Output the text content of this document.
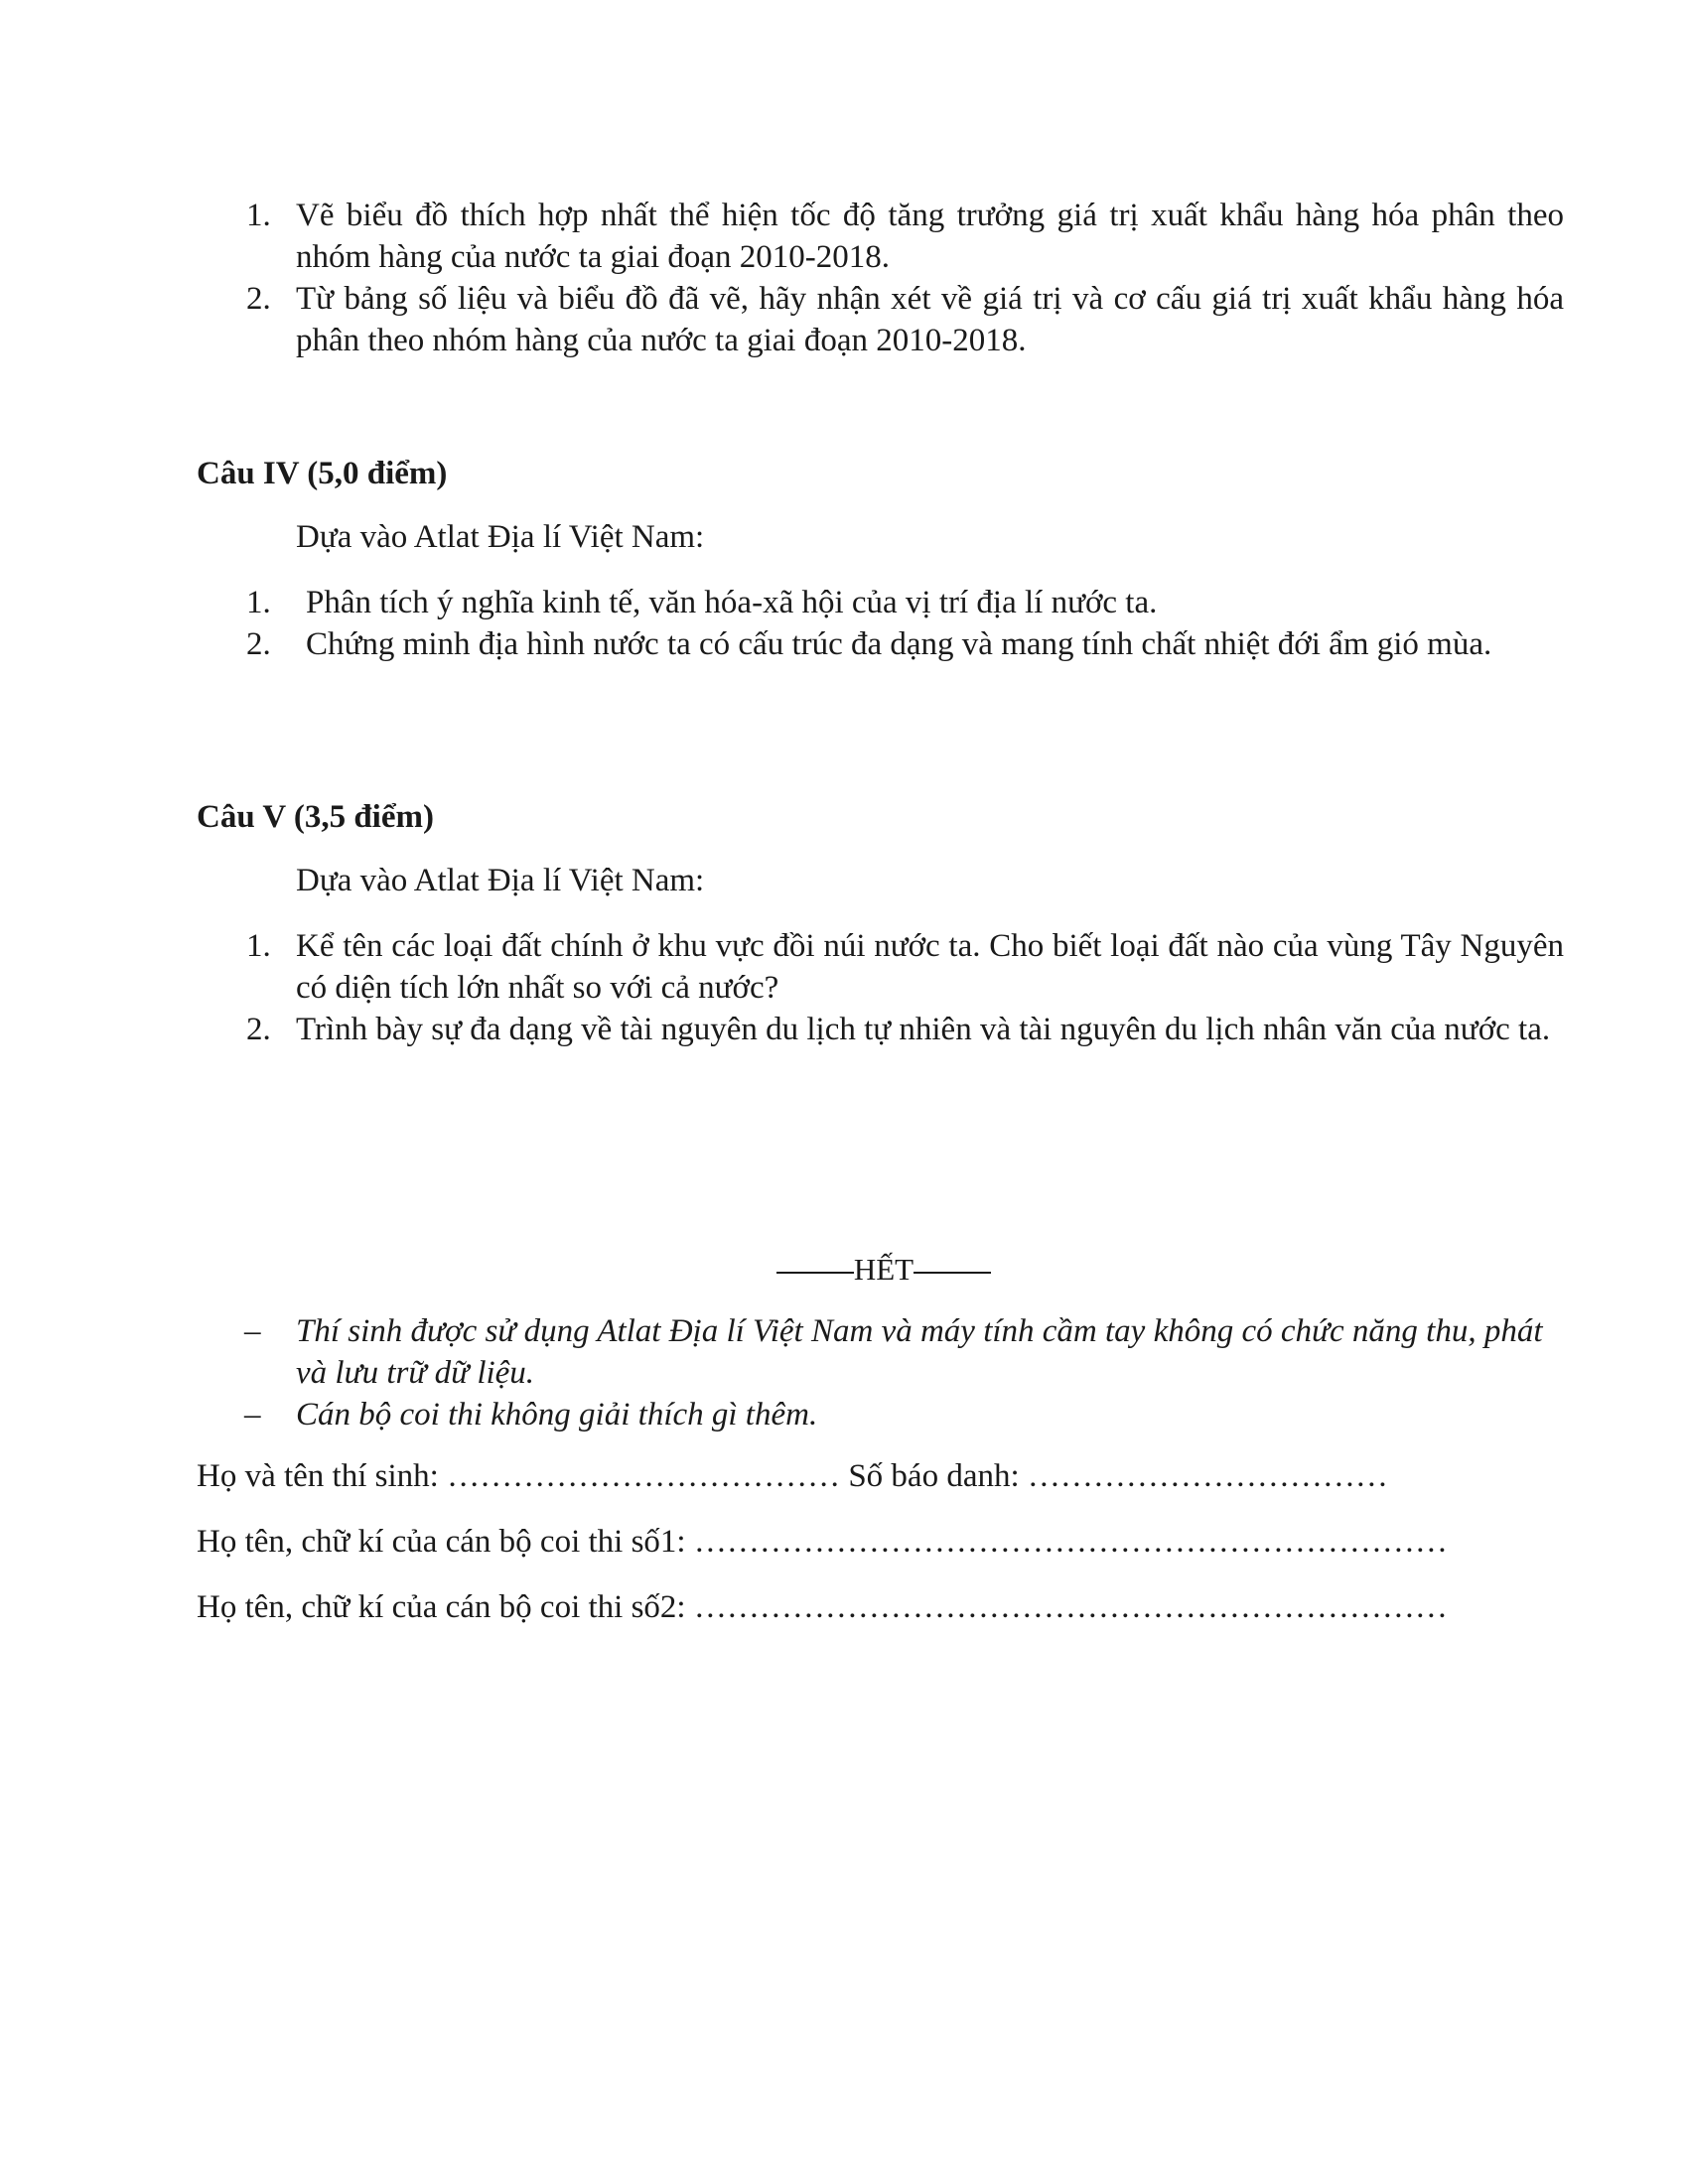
1. Vẽ biểu đồ thích hợp nhất thể hiện tốc độ tăng trưởng giá trị xuất khẩu hàng hóa phân theo nhóm hàng của nước ta giai đoạn 2010-2018.
2. Từ bảng số liệu và biểu đồ đã vẽ, hãy nhận xét về giá trị và cơ cấu giá trị xuất khẩu hàng hóa phân theo nhóm hàng của nước ta giai đoạn 2010-2018.
Câu IV (5,0 điểm)

Dựa vào Atlat Địa lí Việt Nam:

1. Phân tích ý nghĩa kinh tế, văn hóa-xã hội của vị trí địa lí nước ta.
2. Chứng minh địa hình nước ta có cấu trúc đa dạng và mang tính chất nhiệt đới ẩm gió mùa.
Câu V (3,5 điểm)

Dựa vào Atlat Địa lí Việt Nam:

1. Kể tên các loại đất chính ở khu vực đồi núi nước ta. Cho biết loại đất nào của vùng Tây Nguyên có diện tích lớn nhất so với cả nước?
2. Trình bày sự đa dạng về tài nguyên du lịch tự nhiên và tài nguyên du lịch nhân văn của nước ta.
HẾT
– Thí sinh được sử dụng Atlat Địa lí Việt Nam và máy tính cầm tay không có chức năng thu, phát và lưu trữ dữ liệu.
– Cán bộ coi thi không giải thích gì thêm.

Họ và tên thí sinh: ……………………………… Số báo danh: ……………………………

Họ tên, chữ kí của cán bộ coi thi số1: ……………………………………………………………

Họ tên, chữ kí của cán bộ coi thi số2: ……………………………………………………………
